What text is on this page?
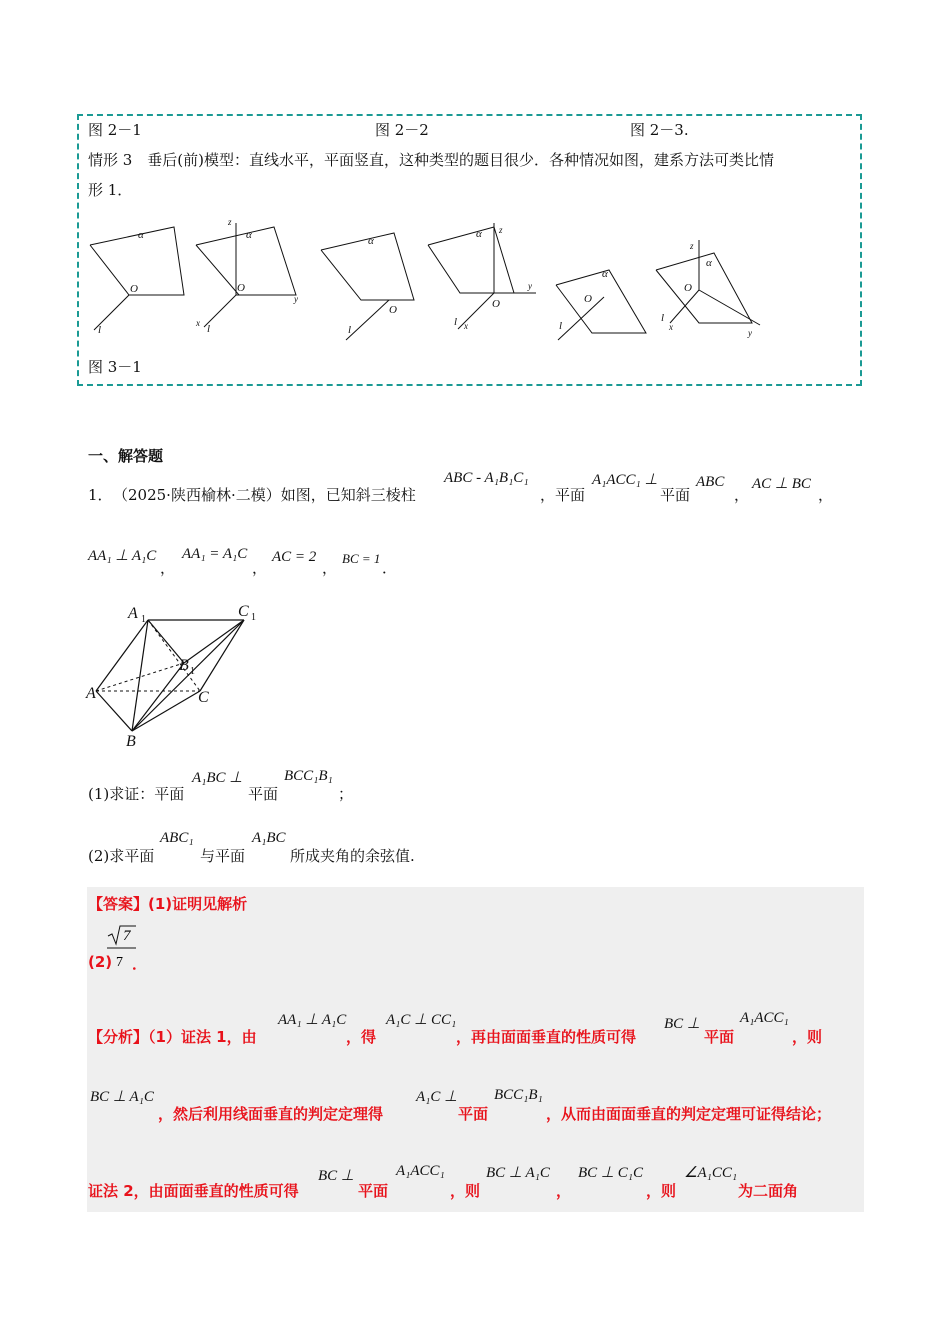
图 2－1	图 2－2	图 2－3.
情形 3　垂后(前)模型：直线水平，平面竖直，这种类型的题目很少．各种情况如图，建系方法可类比情
形 1．
α
O
l
z
α
O
y
x l
α
O
l
α z
y
O
l x
α
O
l
z
α
O
l
x
y
图 3－1
一、解答题
1． （2025·陕西榆林·二模）如图，已知斜三棱柱
ABC - A₁B₁C₁
，平面
A₁ACC₁ ⊥
平面
ABC
，
AC ⊥ BC
，
AA₁ ⊥ A₁C
，
AA₁ = A₁C
，
AC = 2
，
BC = 1
．
A 1	C 1
B 1
A	C
B
(1)求证：平面
A₁BC ⊥
平面
BCC₁B₁
；
(2)求平面
ABC₁
与平面
A₁BC
所成夹角的余弦值.
【答案】(1)证明见解析
(2)
7
7 ．
【分析】（1）证法 1，由
AA₁ ⊥ A₁C
，得
A₁C ⊥ CC₁
，再由面面垂直的性质可得
BC ⊥
平面
A₁ACC₁
，则
BC ⊥ A₁C
，然后利用线面垂直的判定定理得
A₁C ⊥
平面
BCC₁B₁
，从而由面面垂直的判定定理可证得结论；
证法 2，由面面垂直的性质可得
BC ⊥
平面
A₁ACC₁
，则
BC ⊥ A₁C
，
BC ⊥ C₁C
，则
∠A₁CC₁
为二面角
